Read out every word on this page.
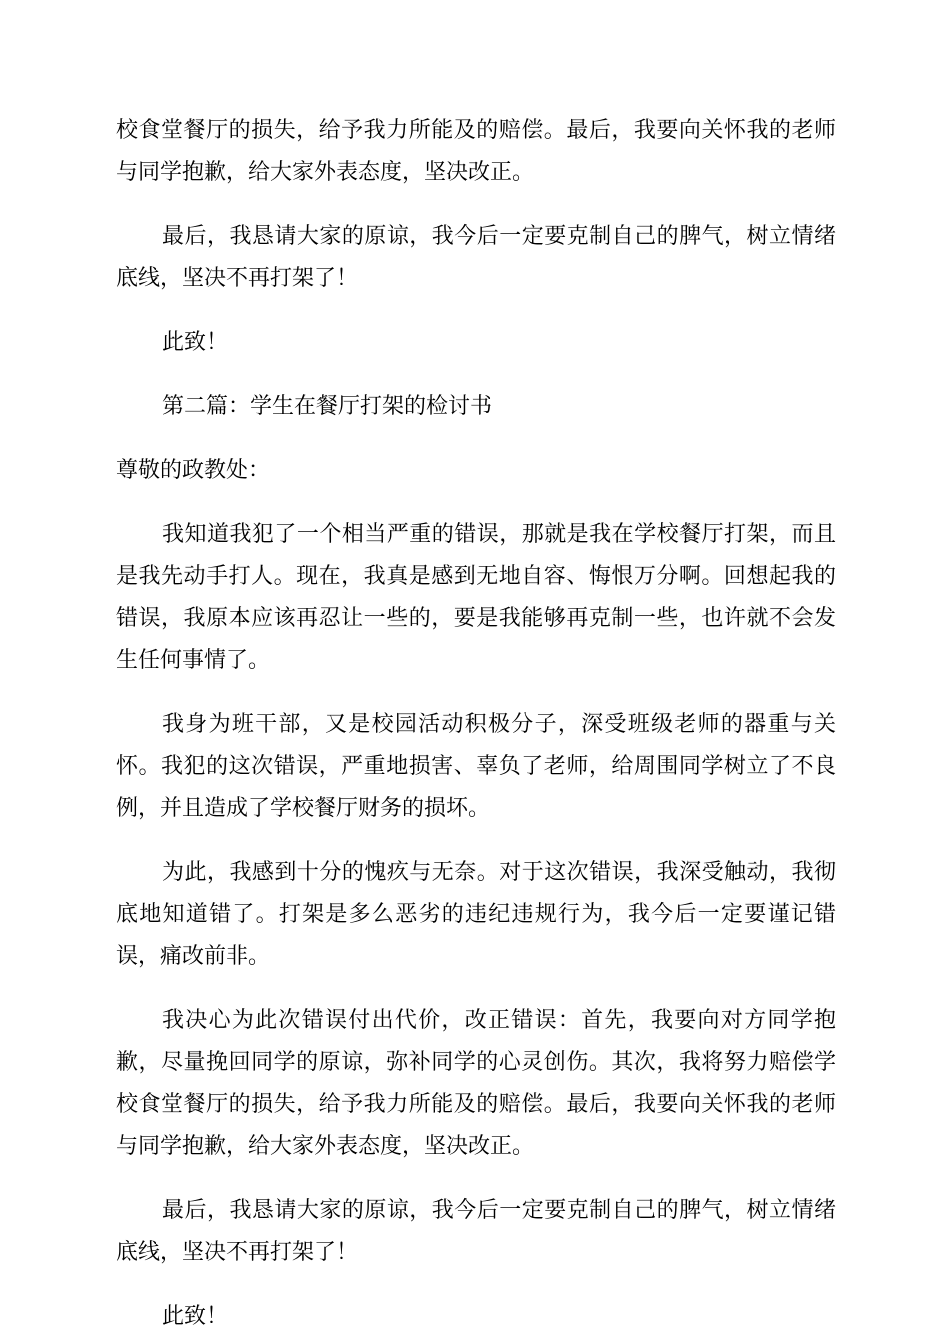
校食堂餐厅的损失，给予我力所能及的赔偿。最后，我要向关怀我的老师与同学抱歉，给大家外表态度，坚决改正。

最后，我恳请大家的原谅，我今后一定要克制自己的脾气，树立情绪底线，坚决不再打架了！

此致！

第二篇：学生在餐厅打架的检讨书

尊敬的政教处：

我知道我犯了一个相当严重的错误，那就是我在学校餐厅打架，而且是我先动手打人。现在，我真是感到无地自容、悔恨万分啊。回想起我的错误，我原本应该再忍让一些的，要是我能够再克制一些，也许就不会发生任何事情了。

我身为班干部，又是校园活动积极分子，深受班级老师的器重与关怀。我犯的这次错误，严重地损害、辜负了老师，给周围同学树立了不良例，并且造成了学校餐厅财务的损坏。

为此，我感到十分的愧疚与无奈。对于这次错误，我深受触动，我彻底地知道错了。打架是多么恶劣的违纪违规行为，我今后一定要谨记错误，痛改前非。

我决心为此次错误付出代价，改正错误：首先，我要向对方同学抱歉，尽量挽回同学的原谅，弥补同学的心灵创伤。其次，我将努力赔偿学校食堂餐厅的损失，给予我力所能及的赔偿。最后，我要向关怀我的老师与同学抱歉，给大家外表态度，坚决改正。

最后，我恳请大家的原谅，我今后一定要克制自己的脾气，树立情绪底线，坚决不再打架了！

此致！
